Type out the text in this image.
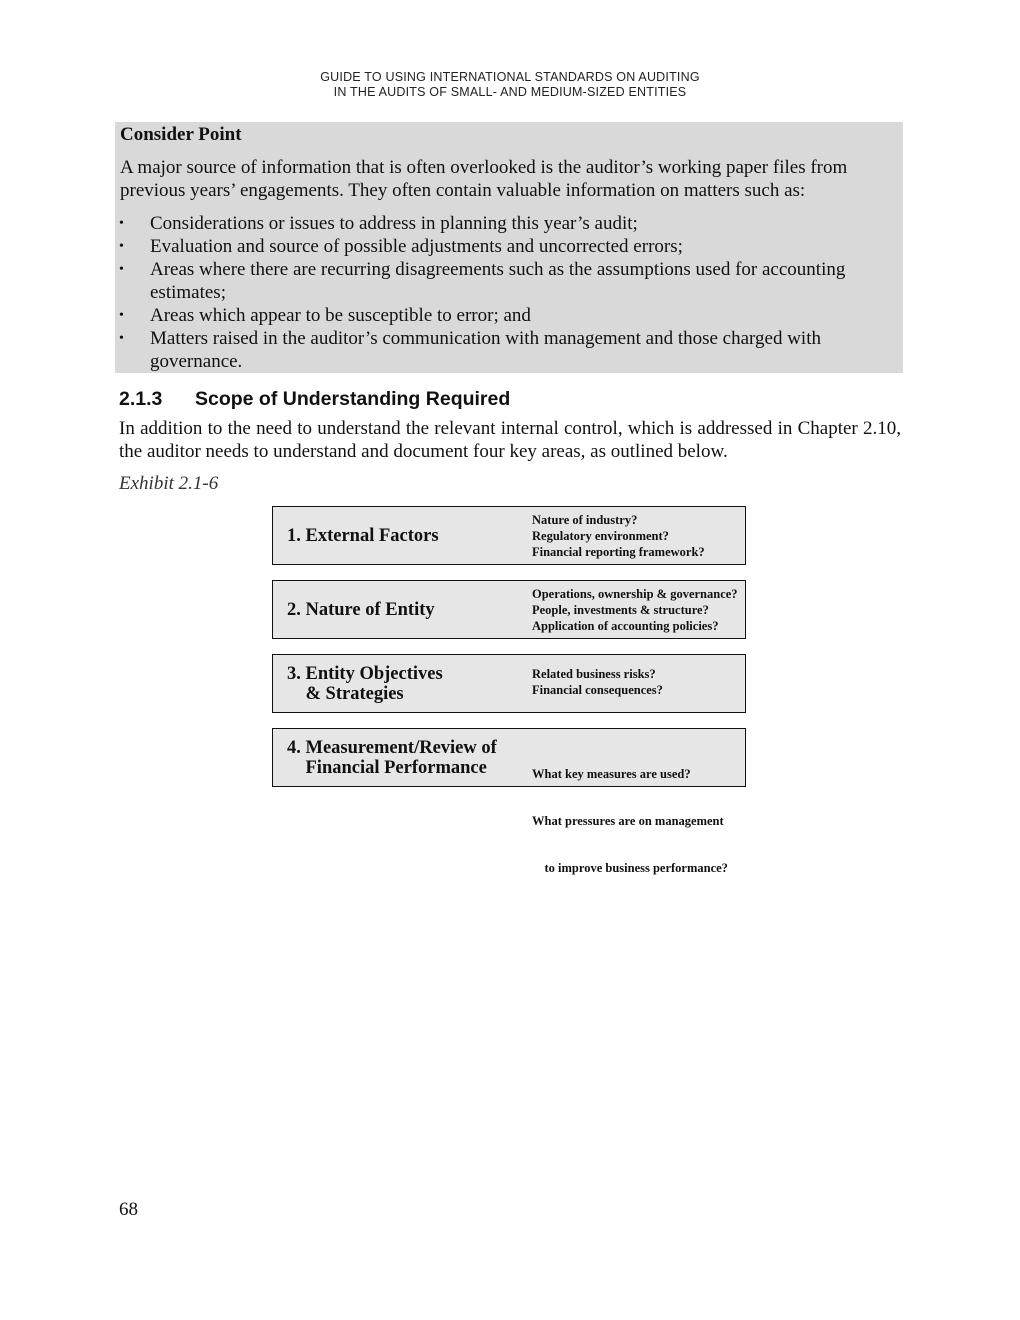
GUIDE TO USING INTERNATIONAL STANDARDS ON AUDITING
IN THE AUDITS OF SMALL- AND MEDIUM-SIZED ENTITIES
Consider Point
A major source of information that is often overlooked is the auditor’s working paper files from previous years’ engagements. They often contain valuable information on matters such as:
• Considerations or issues to address in planning this year’s audit;
• Evaluation and source of possible adjustments and uncorrected errors;
• Areas where there are recurring disagreements such as the assumptions used for accounting estimates;
• Areas which appear to be susceptible to error; and
• Matters raised in the auditor’s communication with management and those charged with governance.
2.1.3 Scope of Understanding Required
In addition to the need to understand the relevant internal control, which is addressed in Chapter 2.10, the auditor needs to understand and document four key areas, as outlined below.
Exhibit 2.1-6
1. External Factors
Nature of industry?
Regulatory environment?
Financial reporting framework?
2. Nature of Entity
Operations, ownership & governance?
People, investments & structure?
Application of accounting policies?
3. Entity Objectives
& Strategies
Related business risks?
Financial consequences?
4. Measurement/Review of
Financial Performance

	What key measures are used?

What pressures are on management

to improve business performance?

68
